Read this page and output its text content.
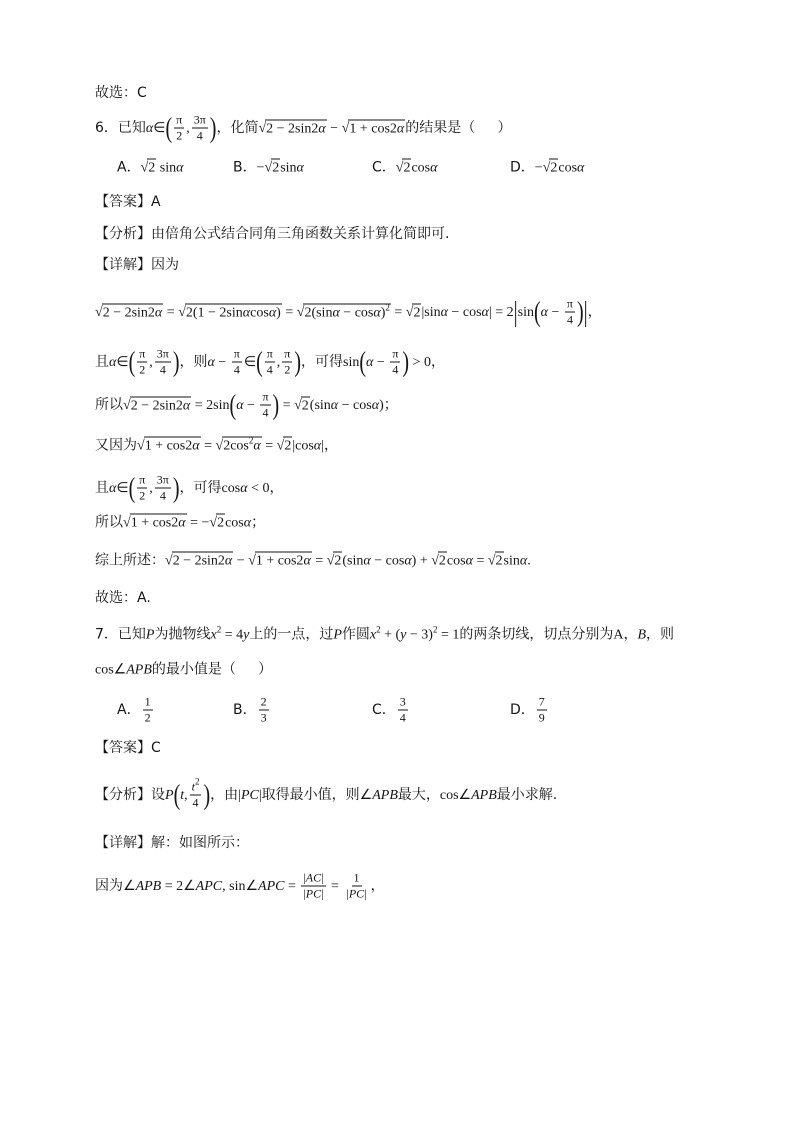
故选：C
6．已知α∈( $\frac{\pi}{2}$ , $\frac{3\pi}{4}$ )，化简√2 − 2sin2α − √1 + cos2α的结果是（     ）
A．√2 sinα	B．−√2sinα	C．√2cosα	D．−√2cosα
【答案】A
【分析】由倍角公式结合同角三角函数关系计算化简即可.
【详解】因为
$√2 - 2\sin 2\alpha = √2(1 - 2\sin\alpha\cos\alpha) = √2(\sin\alpha - \cos\alpha)^2 = √2|\sin\alpha - \cos\alpha| = 2|\sin(\alpha - \frac{\pi}{4}$ )|，
且α∈( $\frac{\pi}{2}$ , $\frac{3\pi}{4}$ )，则$\alpha - \frac{\pi}{4}$ ∈( $\frac{\pi}{4}$ , $\frac{\pi}{2}$ )，可得$\sin(\alpha - \frac{\pi}{4}$ ) > 0，
所以$√2 - 2\sin 2\alpha = 2\sin(\alpha - \frac{\pi}{4}$ ) = √2(sinα − cosα)；
又因为$√1 + \cos 2\alpha = √2\cos^2\alpha = √2|\cos\alpha|$，
且α∈( $\frac{\pi}{2}$ , $\frac{3\pi}{4}$ )，可得cosα < 0，
所以√1 + cos2α = −√2cosα；
综上所述：√2 − 2sin2α − √1 + cos2α = √2(sinα − cosα) + √2cosα = √2sinα.
故选：A.
7．已知P为抛物线$x^2 = 4y$上的一点，过P作圆$x^2 + (y - 3)^2 = 1$的两条切线，切点分别为A，B，则
cos∠APB的最小值是（     ）
A． $\frac{1}{2}$	B． $\frac{2}{3}$	C． $\frac{3}{4}$	D． $\frac{7}{9}$
【答案】C
【分析】设P(t, $\frac{t^2}{4}$ )，由|PC|取得最小值，则∠APB最大，cos∠APB最小求解.
【详解】解：如图所示：
因为∠APB = 2∠APC, sin∠APC = $\frac{|AC|}{|PC|} = \frac{1}{|PC|}$ ，
